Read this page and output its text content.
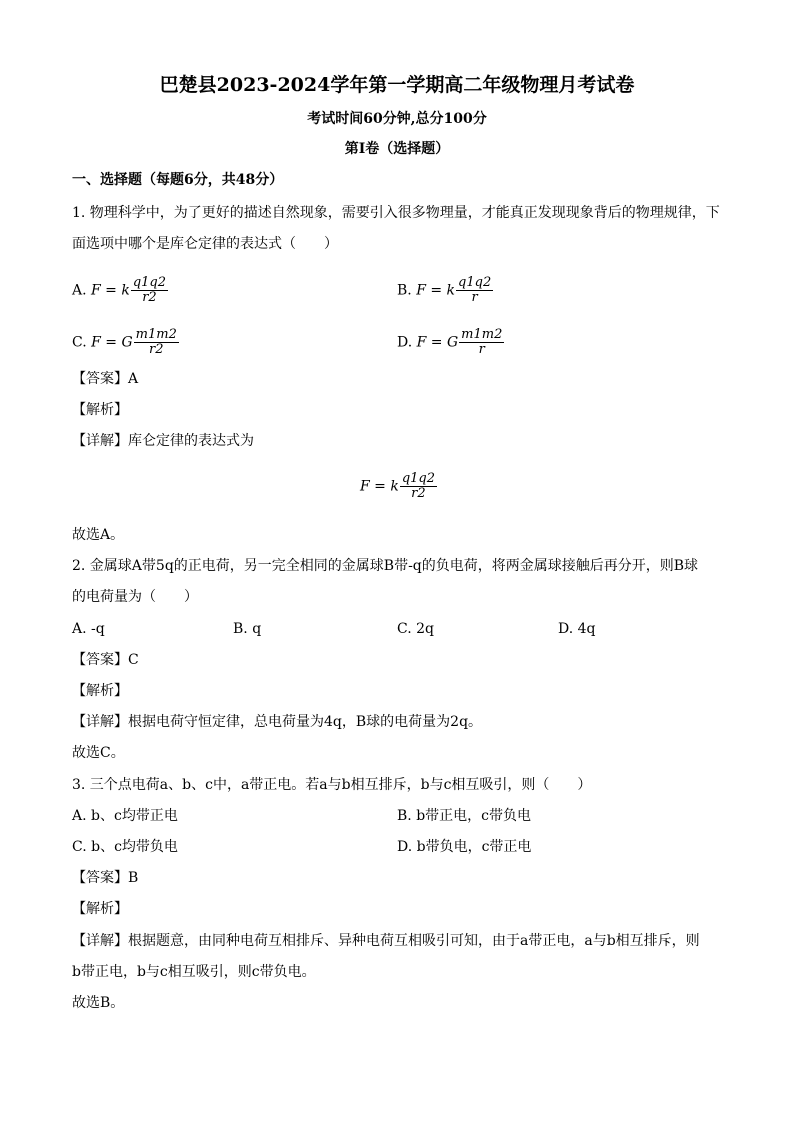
巴楚县2023-2024学年第一学期高二年级物理月考试卷
考试时间60分钟,总分100分
第I卷（选择题）
一、选择题（每题6分，共48分）
1. 物理科学中，为了更好的描述自然现象，需要引入很多物理量，才能真正发现现象背后的物理规律，下
面选项中哪个是库仑定律的表达式（　　）
A. F = k $\frac{q1q2}{r2}$	B. F = k $\frac{q1q2}{r}$
C. F = G $\frac{m1m2}{r2}$	D. F = G $\frac{m1m2}{r}$
【答案】A
【解析】
【详解】库仑定律的表达式为
F = k $\frac{q1q2}{r2}$
故选A。
2. 金属球A带5q的正电荷，另一完全相同的金属球B带-q的负电荷，将两金属球接触后再分开，则B球
的电荷量为（　　）
A. -q	B. q	C. 2q	D. 4q
【答案】C
【解析】
【详解】根据电荷守恒定律，总电荷量为4q，B球的电荷量为2q。
故选C。
3. 三个点电荷a、b、c中，a带正电。若a与b相互排斥，b与c相互吸引，则（　　）
A. b、c均带正电	B. b带正电，c带负电
C. b、c均带负电	D. b带负电，c带正电
【答案】B
【解析】
【详解】根据题意，由同种电荷互相排斥、异种电荷互相吸引可知，由于a带正电，a与b相互排斥，则
b带正电，b与c相互吸引，则c带负电。
故选B。
